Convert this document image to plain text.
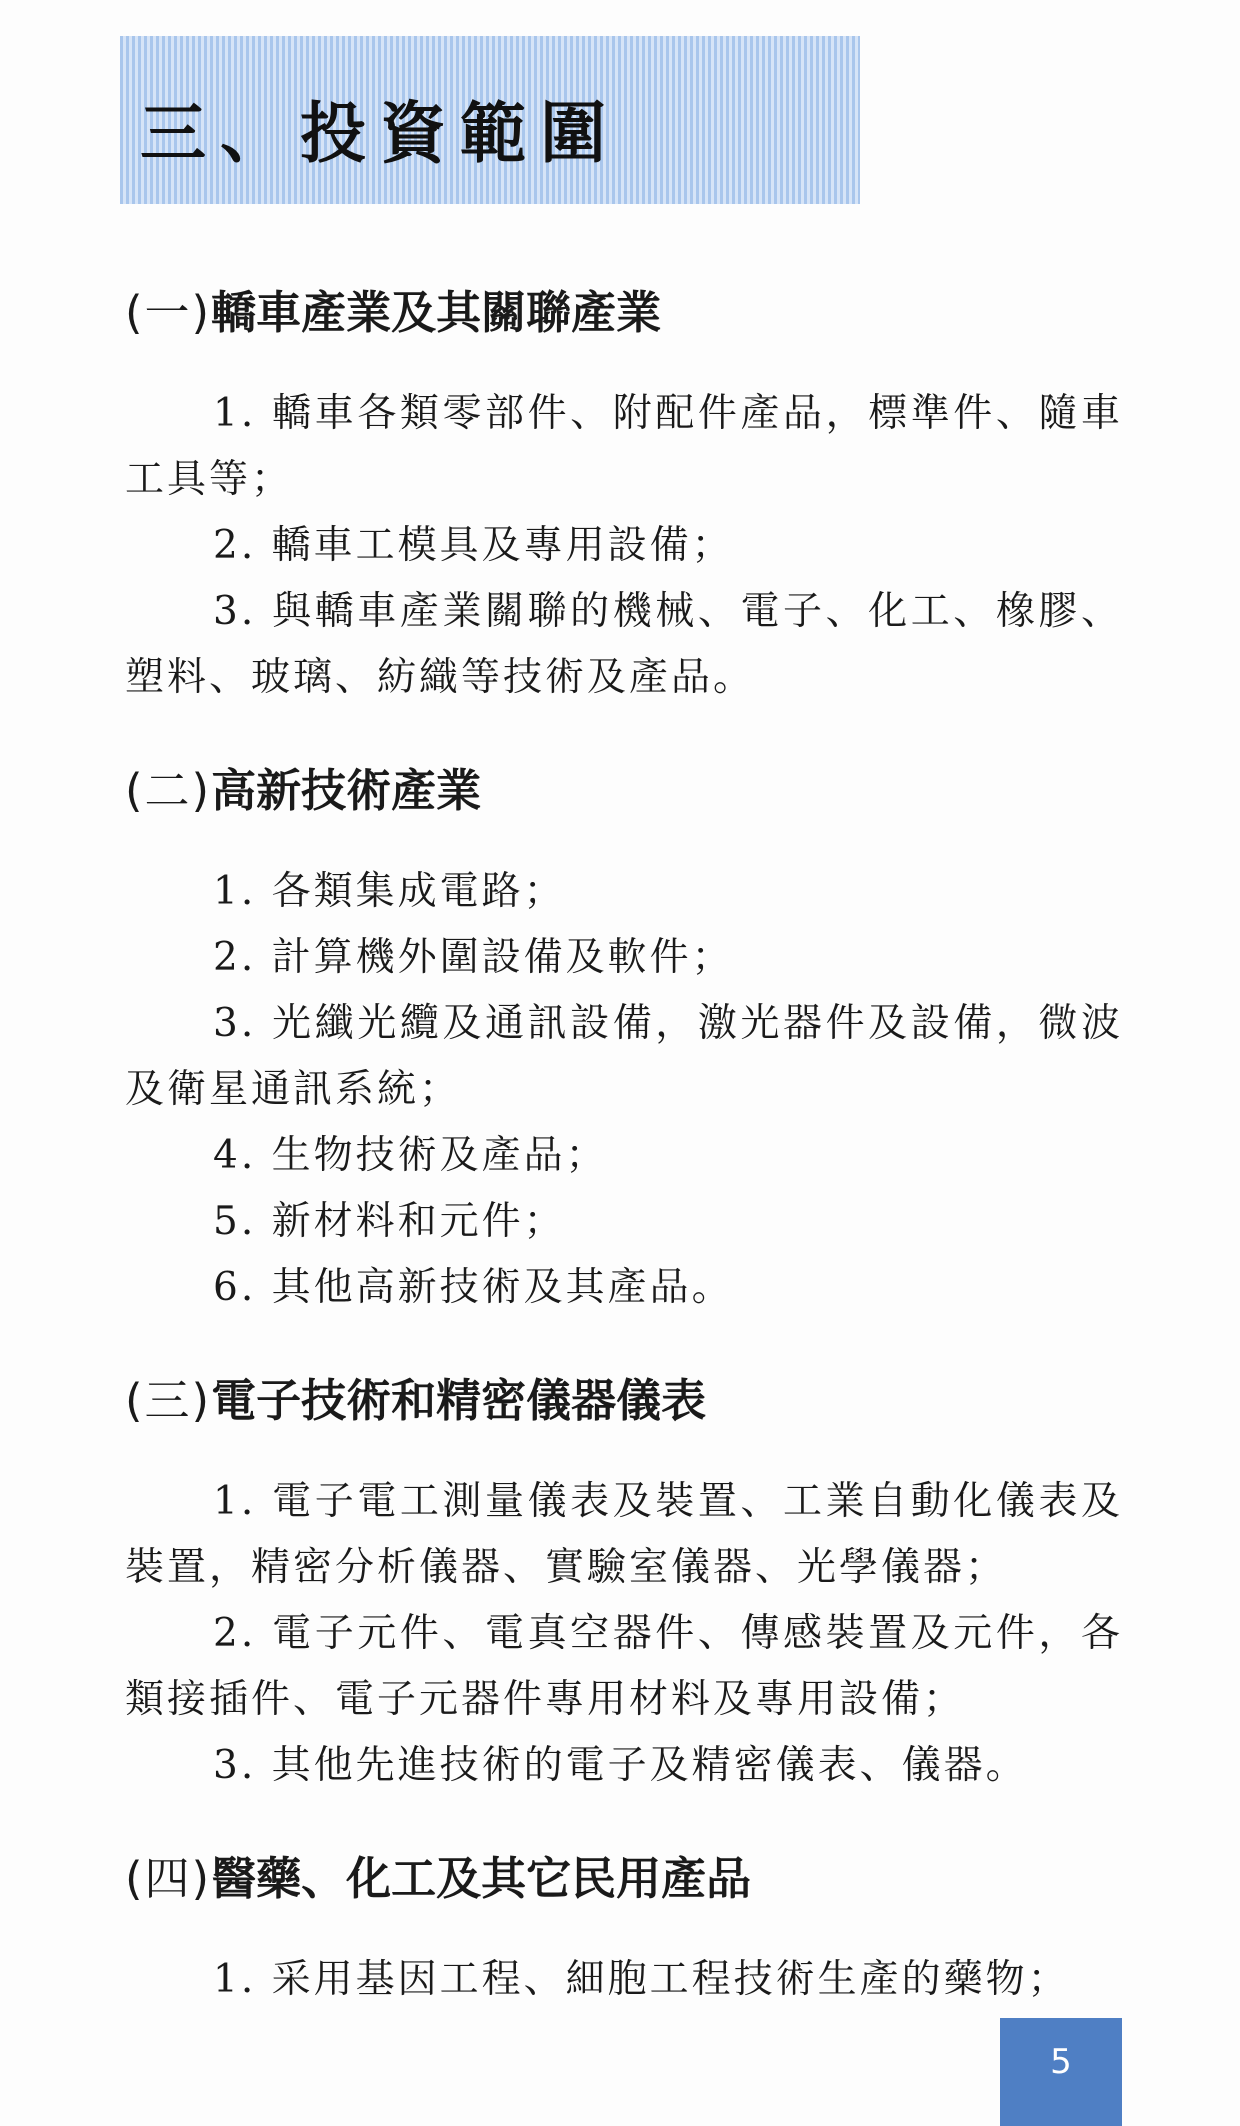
三、投資範圍
(一)轎車產業及其關聯產業

1. 轎車各類零部件、附配件產品，標準件、隨車工具等；

2. 轎車工模具及專用設備；

3. 與轎車產業關聯的機械、電子、化工、橡膠、塑料、玻璃、紡織等技術及產品。

(二)高新技術產業

1. 各類集成電路；

2. 計算機外圍設備及軟件；

3. 光纖光纜及通訊設備，激光器件及設備，微波及衛星通訊系統；

4. 生物技術及產品；

5. 新材料和元件；

6. 其他高新技術及其產品。

(三)電子技術和精密儀器儀表

1. 電子電工測量儀表及裝置、工業自動化儀表及裝置，精密分析儀器、實驗室儀器、光學儀器；

2. 電子元件、電真空器件、傳感裝置及元件，各類接插件、電子元器件專用材料及專用設備；

3. 其他先進技術的電子及精密儀表、儀器。

(四)醫藥、化工及其它民用產品

1. 采用基因工程、細胞工程技術生產的藥物；

5
